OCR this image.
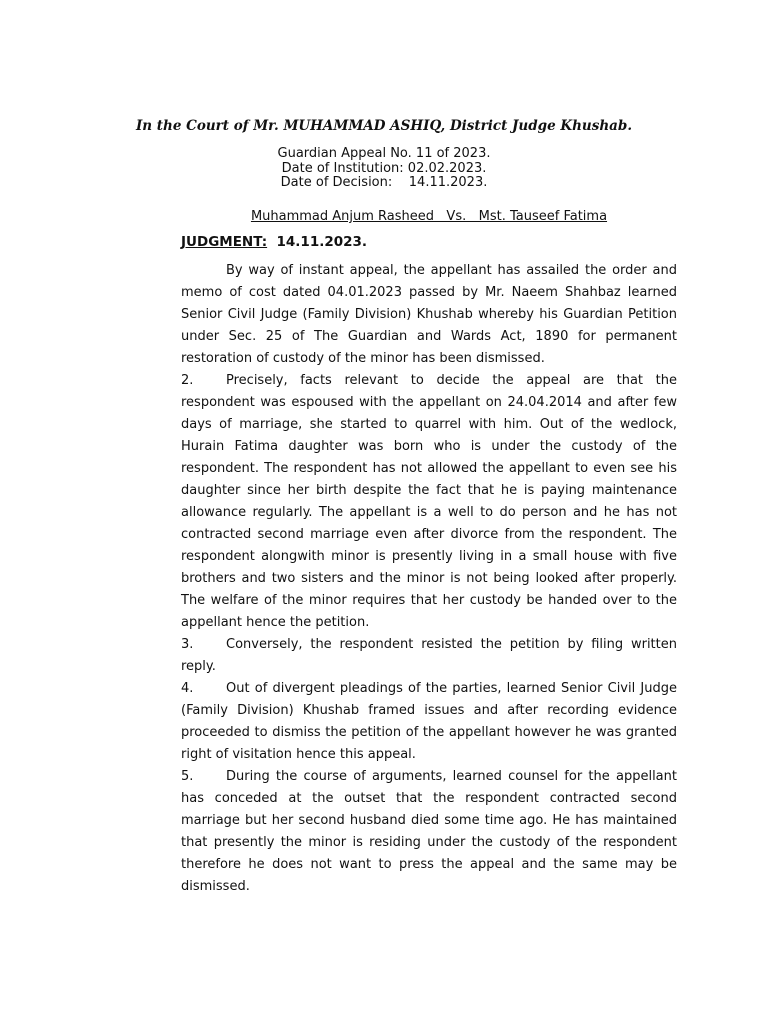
In the Court of Mr. MUHAMMAD ASHIQ, District Judge Khushab.

Guardian Appeal No. 11 of 2023.
Date of Institution: 02.02.2023.
Date of Decision:    14.11.2023.
Muhammad Anjum Rasheed   Vs.   Mst. Tauseef Fatima
JUDGMENT: 14.11.2023.

By way of instant appeal, the appellant has assailed the order and memo of cost dated 04.01.2023 passed by Mr. Naeem Shahbaz learned Senior Civil Judge (Family Division) Khushab whereby his Guardian Petition under Sec. 25 of The Guardian and Wards Act, 1890 for permanent restoration of custody of the minor has been dismissed.

2.	Precisely, facts relevant to decide the appeal are that the respondent was espoused with the appellant on 24.04.2014 and after few days of marriage, she started to quarrel with him. Out of the wedlock, Hurain Fatima daughter was born who is under the custody of the respondent. The respondent has not allowed the appellant to even see his daughter since her birth despite the fact that he is paying maintenance allowance regularly. The appellant is a well to do person and he has not contracted second marriage even after divorce from the respondent. The respondent alongwith minor is presently living in a small house with five brothers and two sisters and the minor is not being looked after properly. The welfare of the minor requires that her custody be handed over to the appellant hence the petition.

3.	Conversely, the respondent resisted the petition by filing written reply.

4.	Out of divergent pleadings of the parties, learned Senior Civil Judge (Family Division) Khushab framed issues and after recording evidence proceeded to dismiss the petition of the appellant however he was granted right of visitation hence this appeal.

5.	During the course of arguments, learned counsel for the appellant has conceded at the outset that the respondent contracted second marriage but her second husband died some time ago. He has maintained that presently the minor is residing under the custody of the respondent therefore he does not want to press the appeal and the same may be dismissed.
